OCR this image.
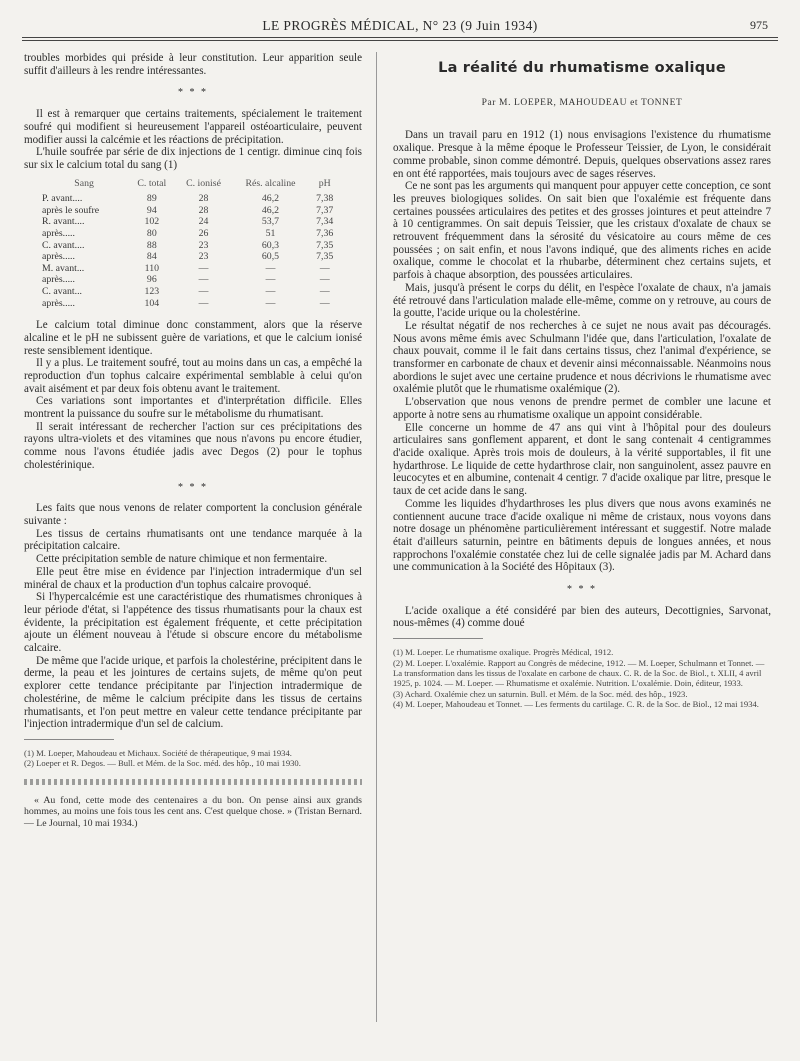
LE PROGRÈS MÉDICAL, N° 23 (9 Juin 1934)	975

troubles morbides qui préside à leur constitution. Leur apparition seule suffit d'ailleurs à les rendre intéressantes.

* * *

Il est à remarquer que certains traitements, spécialement le traitement soufré qui modifient si heureusement l'appareil ostéoarticulaire, peuvent modifier aussi la calcémie et les réactions de précipitation.

L'huile soufrée par série de dix injections de 1 centigr. diminue cinq fois sur six le calcium total du sang (1)

Sang	C. total	C. ionisé	Rés. alcaline	pH
P. avant....	89	28	46,2	7,38
après le soufre	94	28	46,2	7,37
R. avant....	102	24	53,7	7,34
après.....	80	26	51	7,36
C. avant....	88	23	60,3	7,35
après.....	84	23	60,5	7,35
M. avant...	110	—	—	—
après.....	96	—	—	—
C. avant...	123	—	—	—
après.....	104	—	—	—

Le calcium total diminue donc constamment, alors que la réserve alcaline et le pH ne subissent guère de variations, et que le calcium ionisé reste sensiblement identique.

Il y a plus. Le traitement soufré, tout au moins dans un cas, a empêché la reproduction d'un tophus calcaire expérimental semblable à celui qu'on avait aisément et par deux fois obtenu avant le traitement.

Ces variations sont importantes et d'interprétation difficile. Elles montrent la puissance du soufre sur le métabolisme du rhumatisant.

Il serait intéressant de rechercher l'action sur ces précipitations des rayons ultra-violets et des vitamines que nous n'avons pu encore étudier, comme nous l'avons étudiée jadis avec Degos (2) pour le tophus cholestérinique.

* * *

Les faits que nous venons de relater comportent la conclusion générale suivante :

Les tissus de certains rhumatisants ont une tendance marquée à la précipitation calcaire.

Cette précipitation semble de nature chimique et non fermentaire.

Elle peut être mise en évidence par l'injection intradermique d'un sel minéral de chaux et la production d'un tophus calcaire provoqué.

Si l'hypercalcémie est une caractéristique des rhumatismes chroniques à leur période d'état, si l'appétence des tissus rhumatisants pour la chaux est évidente, la précipitation est également fréquente, et cette précipitation ajoute un élément nouveau à l'étude si obscure encore du métabolisme calcaire.

De même que l'acide urique, et parfois la cholestérine, précipitent dans le derme, la peau et les jointures de certains sujets, de même qu'on peut explorer cette tendance précipitante par l'injection intradermique de cholestérine, de même le calcium précipite dans les tissus de certains rhumatisants, et l'on peut mettre en valeur cette tendance précipitante par l'injection intradermique d'un sel de calcium.

(1) M. Loeper, Mahoudeau et Michaux. Société de thérapeutique, 9 mai 1934.
(2) Loeper et R. Degos. — Bull. et Mém. de la Soc. méd. des hôp., 10 mai 1930.
« Au fond, cette mode des centenaires a du bon. On pense ainsi aux grands hommes, au moins une fois tous les cent ans. C'est quelque chose. » (Tristan Bernard. — Le Journal, 10 mai 1934.)
La réalité du rhumatisme oxalique
Par M. LOEPER, MAHOUDEAU et TONNET

Dans un travail paru en 1912 (1) nous envisagions l'existence du rhumatisme oxalique. Presque à la même époque le Professeur Teissier, de Lyon, le considérait comme probable, sinon comme démontré. Depuis, quelques observations assez rares en ont été rapportées, mais toujours avec de sages réserves.

Ce ne sont pas les arguments qui manquent pour appuyer cette conception, ce sont les preuves biologiques solides. On sait bien que l'oxalémie est fréquente dans certaines poussées articulaires des petites et des grosses jointures et peut atteindre 7 à 10 centigrammes. On sait depuis Teissier, que les cristaux d'oxalate de chaux se retrouvent fréquemment dans la sérosité du vésicatoire au cours même de ces poussées ; on sait enfin, et nous l'avons indiqué, que des aliments riches en acide oxalique, comme le chocolat et la rhubarbe, déterminent chez certains sujets, et parfois à chaque absorption, des poussées articulaires.

Mais, jusqu'à présent le corps du délit, en l'espèce l'oxalate de chaux, n'a jamais été retrouvé dans l'articulation malade elle-même, comme on y retrouve, au cours de la goutte, l'acide urique ou la cholestérine.

Le résultat négatif de nos recherches à ce sujet ne nous avait pas découragés. Nous avons même émis avec Schulmann l'idée que, dans l'articulation, l'oxalate de chaux pouvait, comme il le fait dans certains tissus, chez l'animal d'expérience, se transformer en carbonate de chaux et devenir ainsi méconnaissable. Néanmoins nous abordions le sujet avec une certaine prudence et nous décrivions le rhumatisme avec oxalémie plutôt que le rhumatisme oxalémique (2).

L'observation que nous venons de prendre permet de combler une lacune et apporte à notre sens au rhumatisme oxalique un appoint considérable.

Elle concerne un homme de 47 ans qui vint à l'hôpital pour des douleurs articulaires sans gonflement apparent, et dont le sang contenait 4 centigrammes d'acide oxalique. Après trois mois de douleurs, à la vérité supportables, il fit une hydarthrose. Le liquide de cette hydarthrose clair, non sanguinolent, assez pauvre en leucocytes et en albumine, contenait 4 centigr. 7 d'acide oxalique par litre, presque le taux de cet acide dans le sang.

Comme les liquides d'hydarthroses les plus divers que nous avons examinés ne contiennent aucune trace d'acide oxalique ni même de cristaux, nous voyons dans notre dosage un phénomène particulièrement intéressant et suggestif. Notre malade était d'ailleurs saturnin, peintre en bâtiments depuis de longues années, et nous rapprochons l'oxalémie constatée chez lui de celle signalée jadis par M. Achard dans une communication à la Société des Hôpitaux (3).

* * *

L'acide oxalique a été considéré par bien des auteurs, Decottignies, Sarvonat, nous-mêmes (4) comme doué

(1) M. Loeper. Le rhumatisme oxalique. Progrès Médical, 1912.
(2) M. Loeper. L'oxalémie. Rapport au Congrès de médecine, 1912. — M. Loeper, Schulmann et Tonnet. — La transformation dans les tissus de l'oxalate en carbone de chaux. C. R. de la Soc. de Biol., t. XLII, 4 avril 1925, p. 1024. — M. Loeper. — Rhumatisme et oxalémie. Nutrition. L'oxalémie. Doin, éditeur, 1933.
(3) Achard. Oxalémie chez un saturnin. Bull. et Mém. de la Soc. méd. des hôp., 1923.
(4) M. Loeper, Mahoudeau et Tonnet. — Les ferments du cartilage. C. R. de la Soc. de Biol., 12 mai 1934.
